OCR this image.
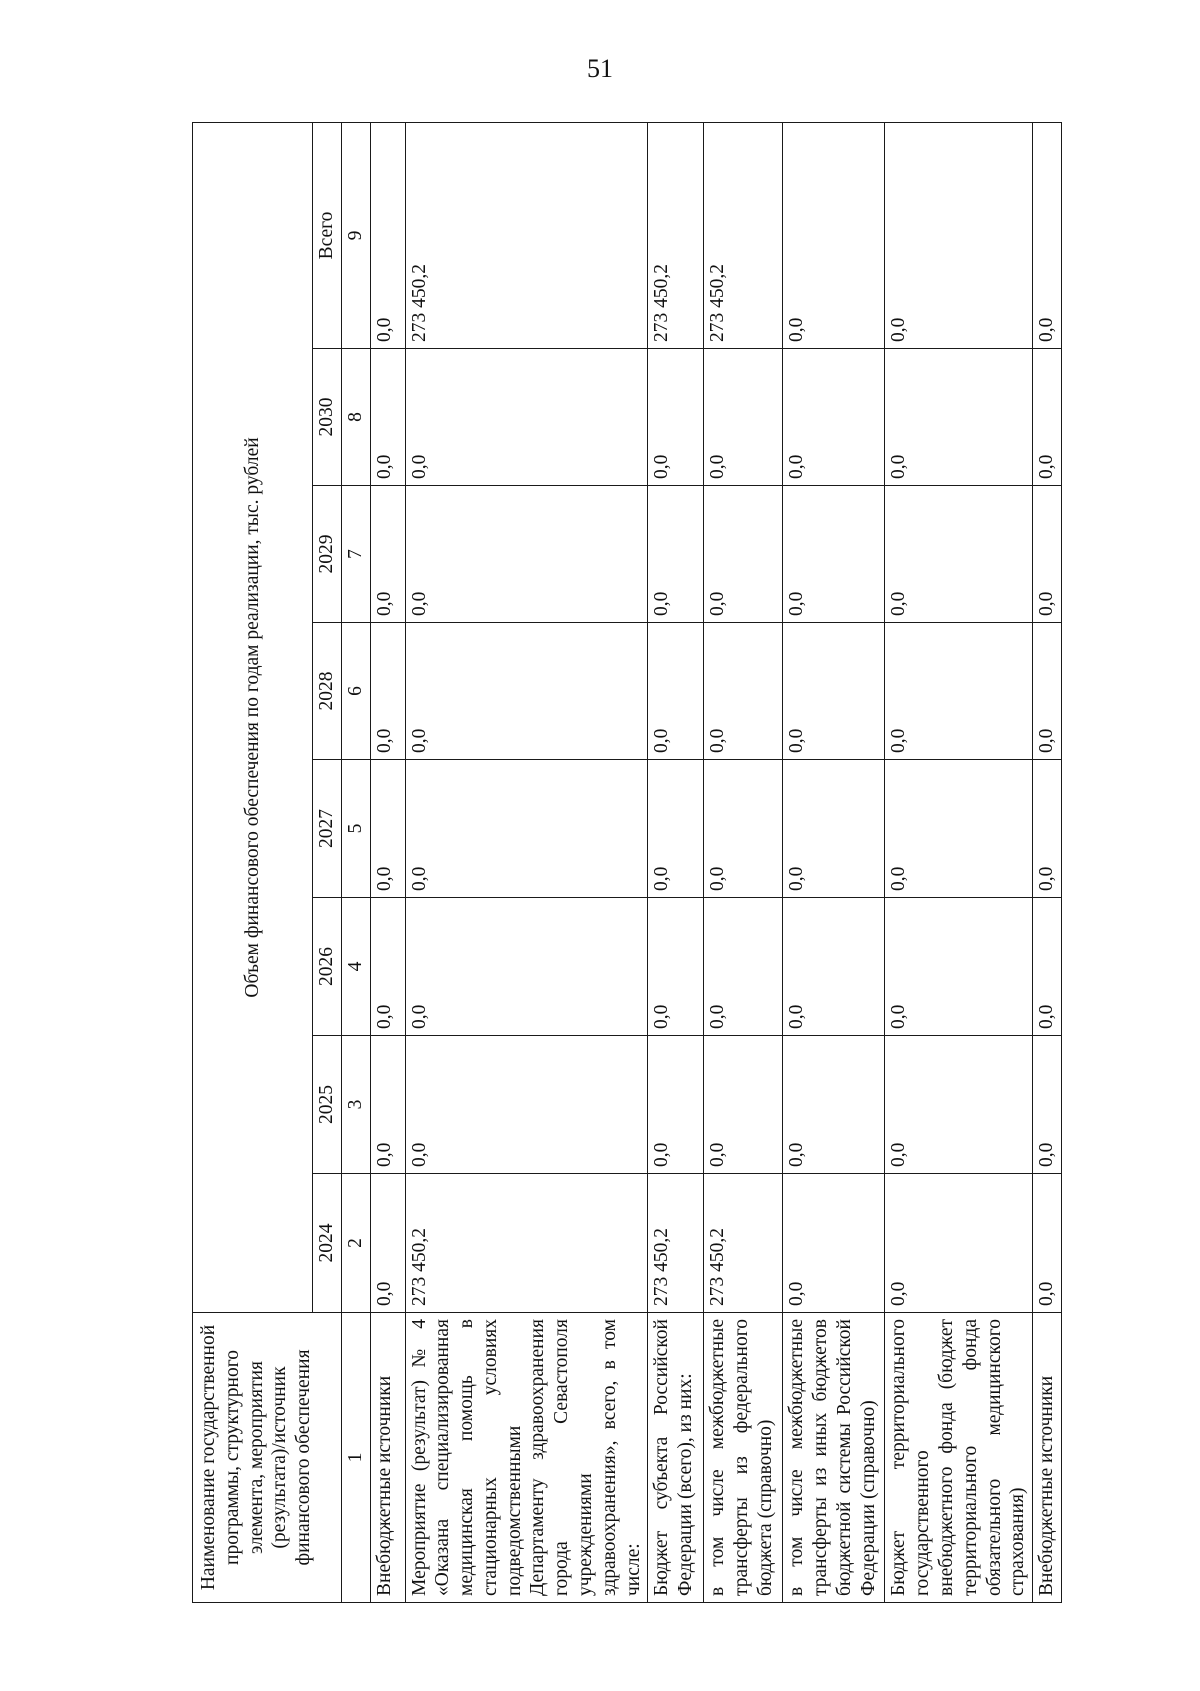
51
Наименование государственной программы, структурного элемента, мероприятия (результата)/источник финансового обеспечения	Объем финансового обеспечения по годам реализации, тыс. рублей							
	2024	2025	2026	2027	2028	2029	2030	Всего
1	2	3	4	5	6	7	8	9
Внебюджетные источники	0,0	0,0	0,0	0,0	0,0	0,0	0,0	0,0
Мероприятие (результат) № 4 «Оказана специализированная медицинская помощь в стационарных условиях подведомственными Департаменту здравоохранения города Севастополя учреждениями здравоохранения», всего, в том числе:	273 450,2	0,0	0,0	0,0	0,0	0,0	0,0	273 450,2
Бюджет субъекта Российской Федерации (всего), из них:	273 450,2	0,0	0,0	0,0	0,0	0,0	0,0	273 450,2
в том числе межбюджетные трансферты из федерального бюджета (справочно)	273 450,2	0,0	0,0	0,0	0,0	0,0	0,0	273 450,2
в том числе межбюджетные трансферты из иных бюджетов бюджетной системы Российской Федерации (справочно)	0,0	0,0	0,0	0,0	0,0	0,0	0,0	0,0
Бюджет территориального государственного внебюджетного фонда (бюджет территориального фонда обязательного медицинского страхования)	0,0	0,0	0,0	0,0	0,0	0,0	0,0	0,0
Внебюджетные источники	0,0	0,0	0,0	0,0	0,0	0,0	0,0	0,0
